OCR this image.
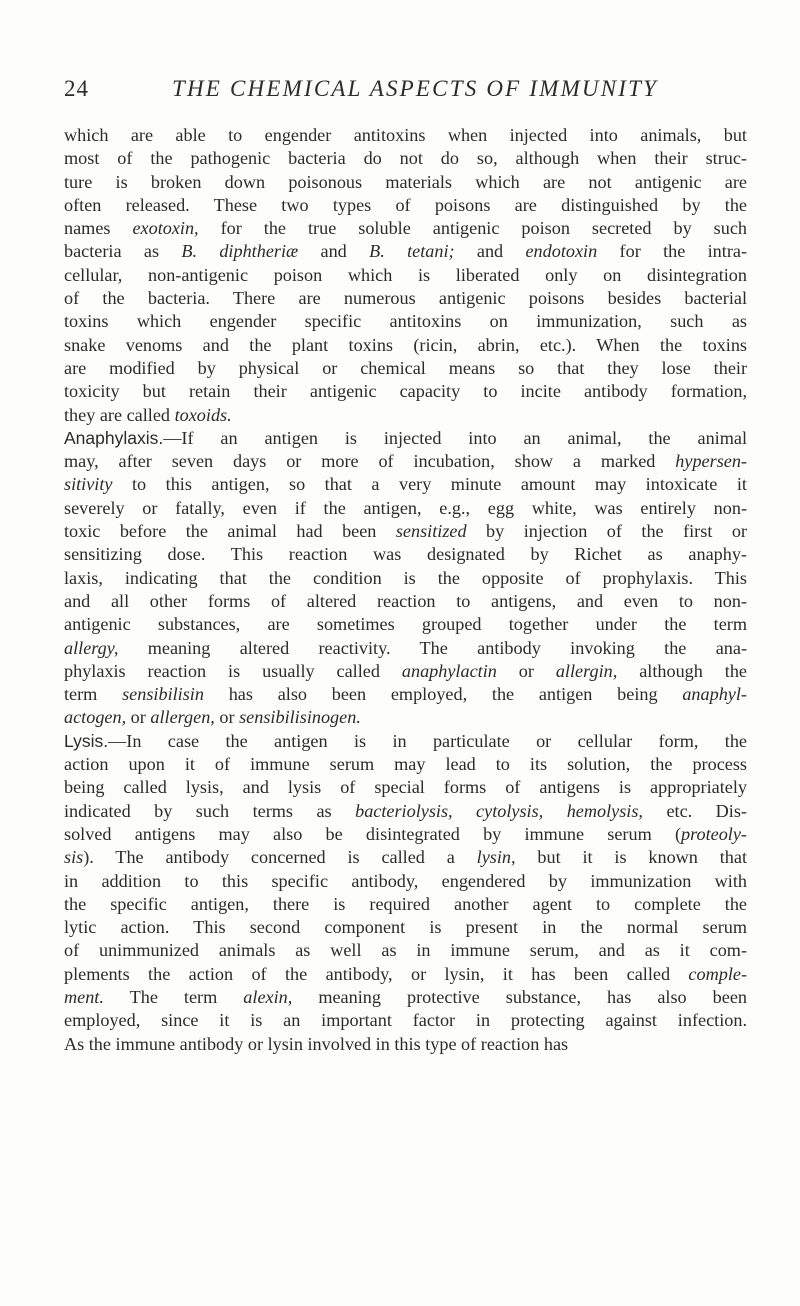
24	THE CHEMICAL ASPECTS OF IMMUNITY
which are able to engender antitoxins when injected into animals, but
most of the pathogenic bacteria do not do so, although when their struc-
ture is broken down poisonous materials which are not antigenic are
often released. These two types of poisons are distinguished by the
names exotoxin, for the true soluble antigenic poison secreted by such
bacteria as B. diphtheriæ and B. tetani; and endotoxin for the intra-
cellular, non-antigenic poison which is liberated only on disintegration
of the bacteria. There are numerous antigenic poisons besides bacterial
toxins which engender specific antitoxins on immunization, such as
snake venoms and the plant toxins (ricin, abrin, etc.). When the toxins
are modified by physical or chemical means so that they lose their
toxicity but retain their antigenic capacity to incite antibody formation,
they are called toxoids.
Anaphylaxis.—If an antigen is injected into an animal, the animal
may, after seven days or more of incubation, show a marked hypersen-
sitivity to this antigen, so that a very minute amount may intoxicate it
severely or fatally, even if the antigen, e.g., egg white, was entirely non-
toxic before the animal had been sensitized by injection of the first or
sensitizing dose. This reaction was designated by Richet as anaphy-
laxis, indicating that the condition is the opposite of prophylaxis. This
and all other forms of altered reaction to antigens, and even to non-
antigenic substances, are sometimes grouped together under the term
allergy, meaning altered reactivity. The antibody invoking the ana-
phylaxis reaction is usually called anaphylactin or allergin, although the
term sensibilisin has also been employed, the antigen being anaphyl-
actogen, or allergen, or sensibilisinogen.
Lysis.—In case the antigen is in particulate or cellular form, the
action upon it of immune serum may lead to its solution, the process
being called lysis, and lysis of special forms of antigens is appropriately
indicated by such terms as bacteriolysis, cytolysis, hemolysis, etc. Dis-
solved antigens may also be disintegrated by immune serum (proteoly-
sis). The antibody concerned is called a lysin, but it is known that
in addition to this specific antibody, engendered by immunization with
the specific antigen, there is required another agent to complete the
lytic action. This second component is present in the normal serum
of unimmunized animals as well as in immune serum, and as it com-
plements the action of the antibody, or lysin, it has been called comple-
ment. The term alexin, meaning protective substance, has also been
employed, since it is an important factor in protecting against infection.
As the immune antibody or lysin involved in this type of reaction has
